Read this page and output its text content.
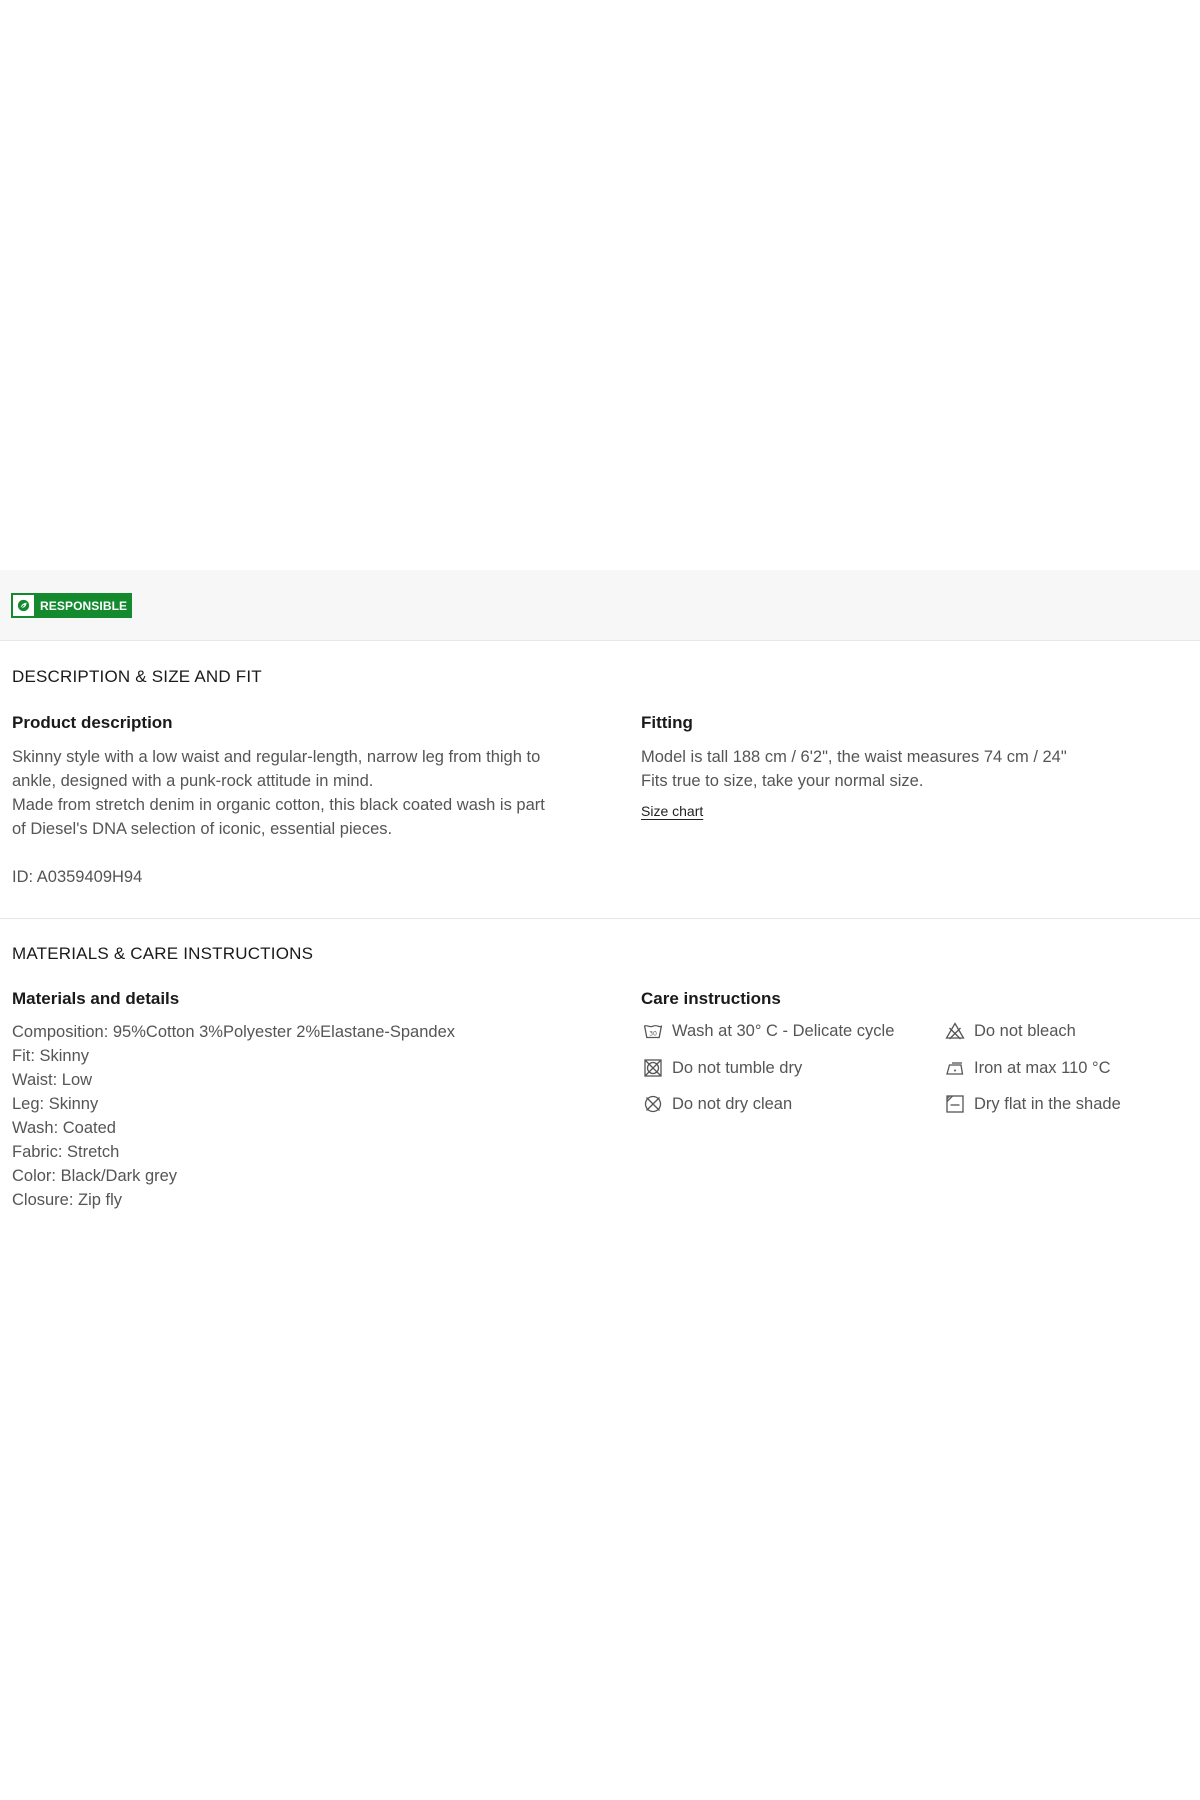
RESPONSIBLE
DESCRIPTION & SIZE AND FIT
Product description
Skinny style with a low waist and regular-length, narrow leg from thigh to
ankle, designed with a punk-rock attitude in mind.
Made from stretch denim in organic cotton, this black coated wash is part
of Diesel's DNA selection of iconic, essential pieces.
ID: A0359409H94
Fitting
Model is tall 188 cm / 6'2", the waist measures 74 cm / 24"
Fits true to size, take your normal size.
Size chart
MATERIALS & CARE INSTRUCTIONS
Materials and details
Composition: 95%Cotton 3%Polyester 2%Elastane-Spandex
Fit: Skinny
Waist: Low
Leg: Skinny
Wash: Coated
Fabric: Stretch
Color: Black/Dark grey
Closure: Zip fly
Care instructions
30 Wash at 30° C - Delicate cycle	Do not bleach
Do not tumble dry	Iron at max 110 °C
Do not dry clean	Dry flat in the shade
